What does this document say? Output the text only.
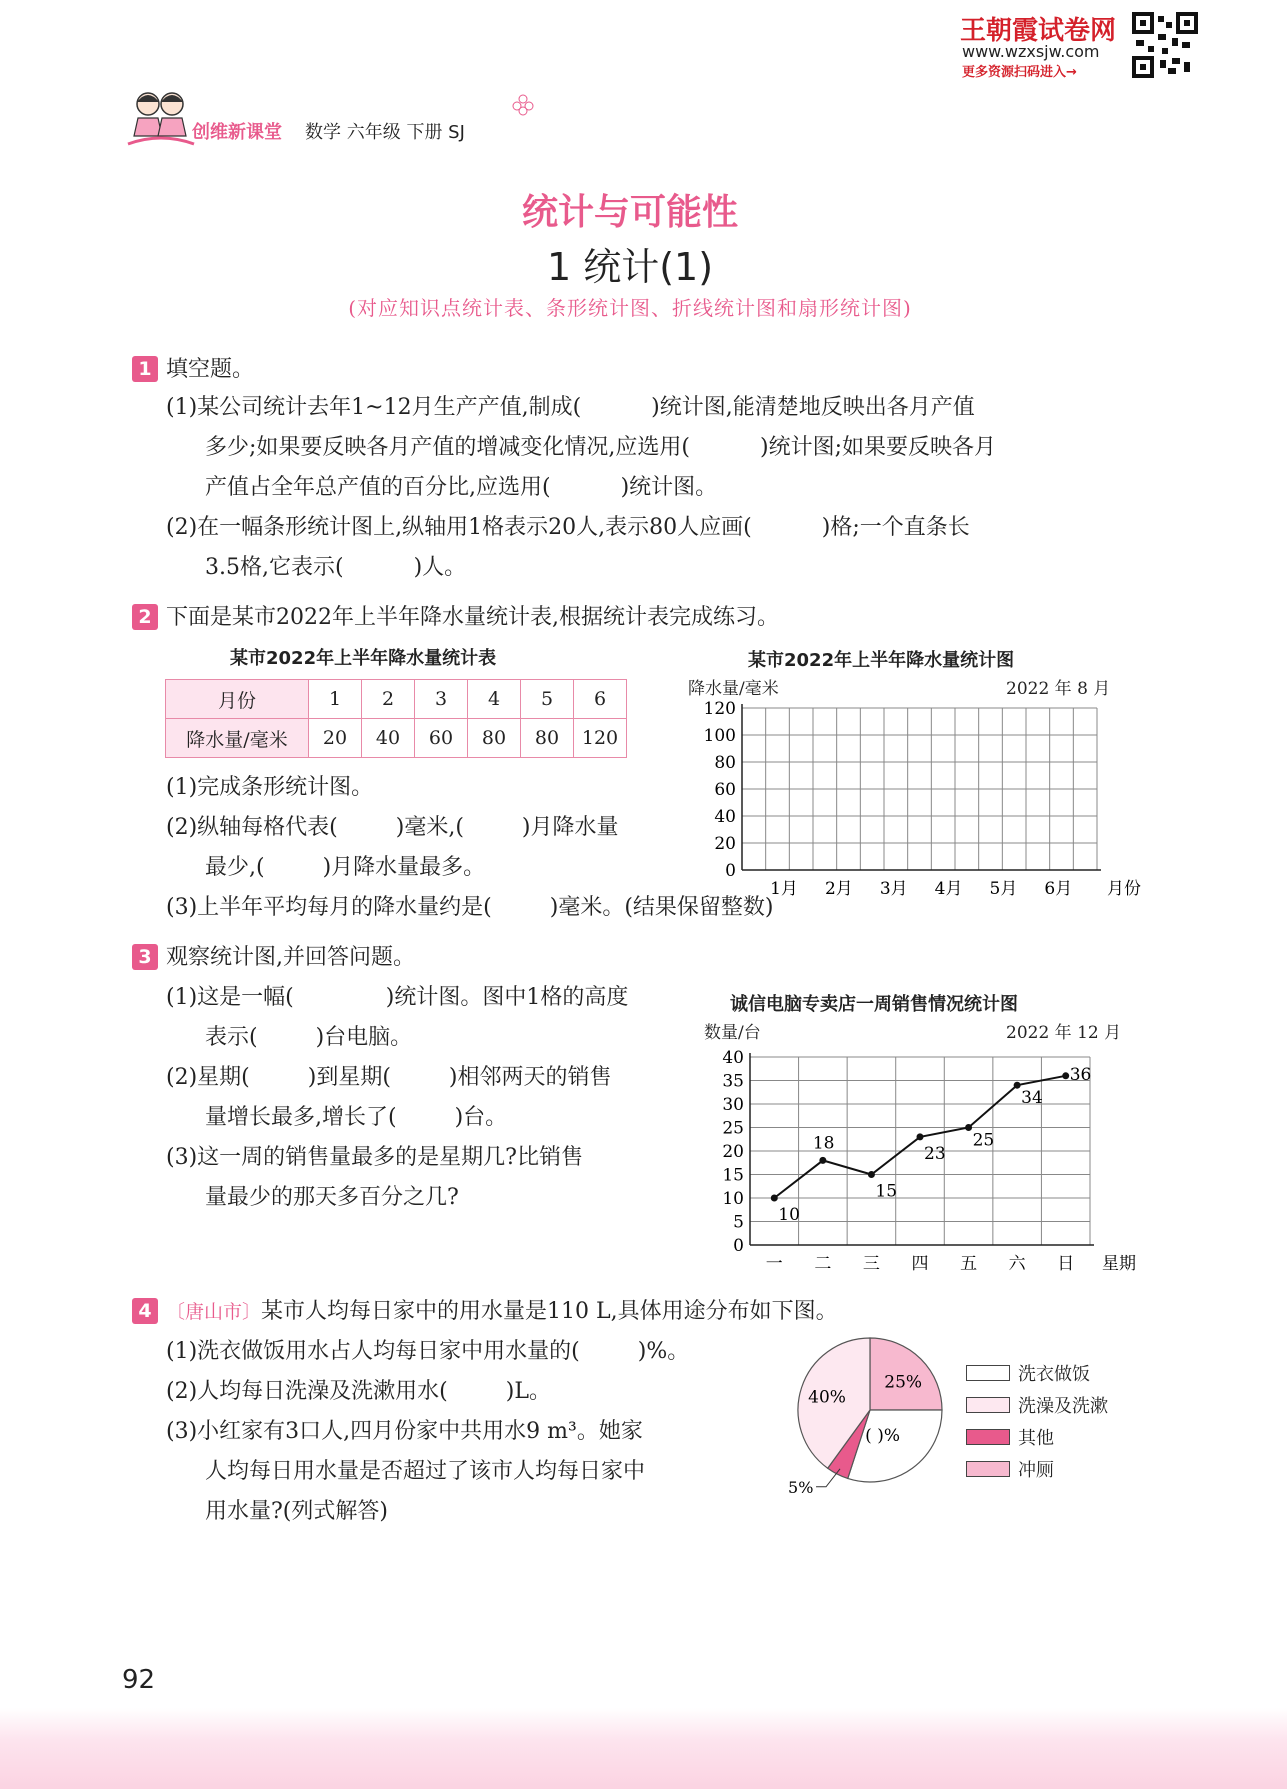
王朝霞试卷网
www.wzxsjw.com
更多资源扫码进入→
创维新课堂 数学 六年级 下册 SJ
统计与可能性
1 统计(1)
(对应知识点统计表、条形统计图、折线统计图和扇形统计图)
1 填空题。
(1)某公司统计去年1~12月生产产值,制成(	)统计图,能清楚地反映出各月产值
多少;如果要反映各月产值的增减变化情况,应选用(	)统计图;如果要反映各月
产值占全年总产值的百分比,应选用(	)统计图。
(2)在一幅条形统计图上,纵轴用1格表示20人,表示80人应画(	)格;一个直条长
3.5格,它表示(	)人。
2 下面是某市2022年上半年降水量统计表,根据统计表完成练习。
某市2022年上半年降水量统计表
月份	1	2	3	4	5	6
降水量/毫米	20	40	60	80	80	120
(1)完成条形统计图。
(2)纵轴每格代表(	)毫米,(	)月降水量
最少,(	)月降水量最多。
(3)上半年平均每月的降水量约是(	)毫米。(结果保留整数)
某市2022年上半年降水量统计图
降水量/毫米	2022 年 8 月
0
20
40
60
80
100
120
1月 2月 3月 4月 5月 6月 月份
3 观察统计图,并回答问题。
(1)这是一幅(	)统计图。图中1格的高度
表示(	)台电脑。
(2)星期(	)到星期(	)相邻两天的销售
量增长最多,增长了(	)台。
(3)这一周的销售量最多的是星期几?比销售
量最少的那天多百分之几?
诚信电脑专卖店一周销售情况统计图
数量/台	2022 年 12 月
0
5
10
15
20
25
30
35
40
10
18
15
23
25
34
36
一 二 三 四 五 六 日 星期
4 〔唐山市〕某市人均每日家中的用水量是110 L,具体用途分布如下图。
(1)洗衣做饭用水占人均每日家中用水量的(	)%。
(2)人均每日洗澡及洗漱用水(	)L。
(3)小红家有3口人,四月份家中共用水9 m³。她家
人均每日用水量是否超过了该市人均每日家中
用水量?(列式解答)
25%
40%
( )%
5%
洗衣做饭
洗澡及洗漱
其他
冲厕
92
